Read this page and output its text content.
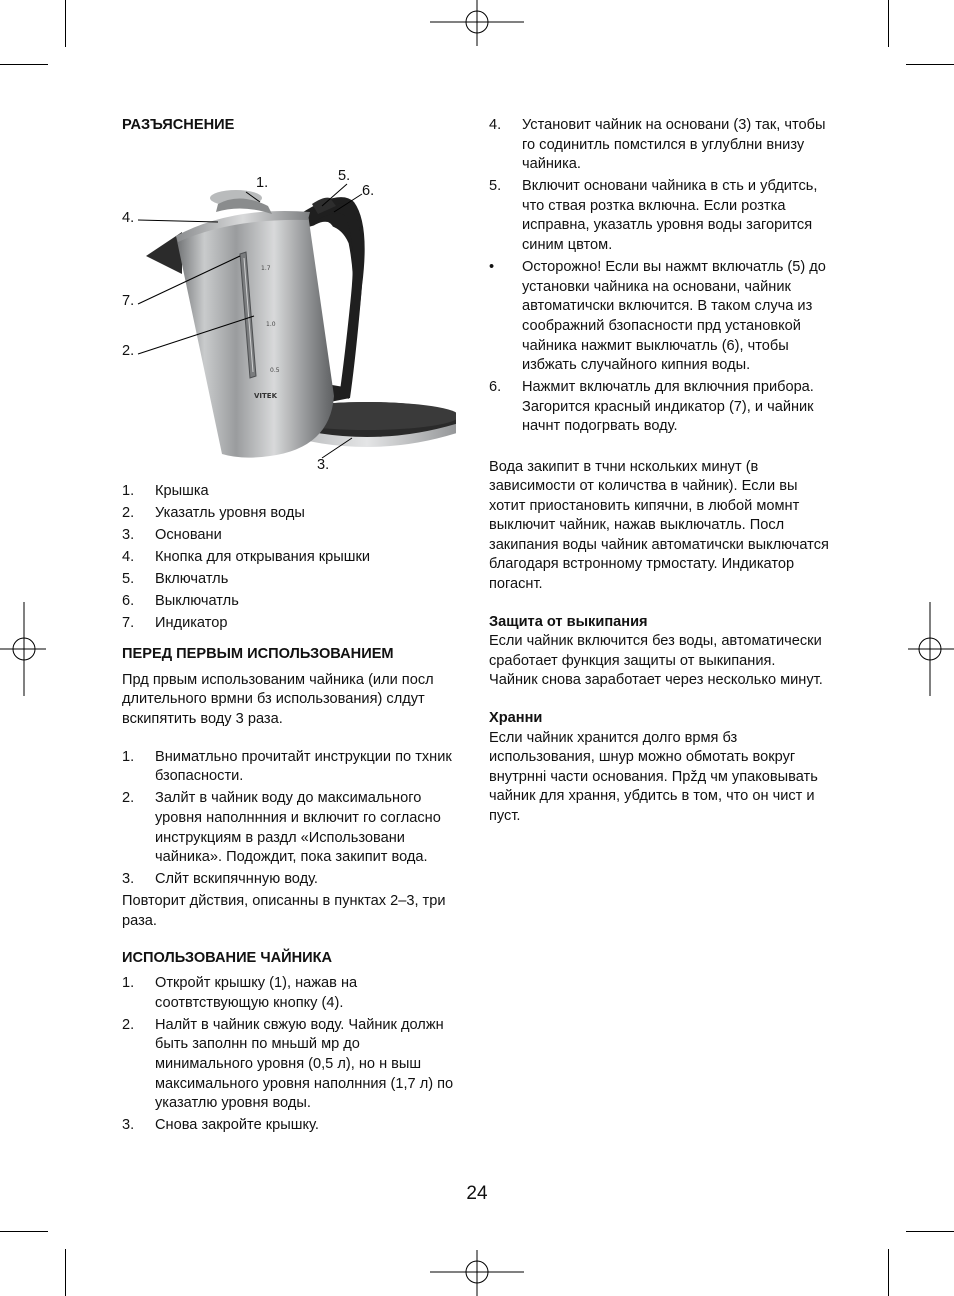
РАЗЪЯСНЕНИЕ
1.7
1.0
0.5
VITEK
1.	5.
6.
4.
7.
2.
3.
1. Крышка
2. Указатль уровня воды
3. Основани
4. Кнопка для открывания крышки
5. Включатль
6. Выключатль
7. Индикатор
ПЕРЕД ПЕРВЫМ ИСПОЛЬЗОВАНИЕМ

Прд првым использованим чайника (или посл длительного врмни бз использования) слдут вскипятить воду 3 раза.

1. Вниматльно прочитайт инструкции по тхник бзопасности.
2. Залйт в чайник воду до максимального уровня наполннния и включит го согласно инструкциям в раздл «Использовани чайника». Подождит, пока закипит вода.
3. Слйт вскипячнную воду.

Повторит дйствия, описанны в пунктах 2–3, три раза.

ИСПОЛЬЗОВАНИЕ ЧАЙНИКА
1. Откройт крышку (1), нажав на соотвтствующую кнопку (4).
2. Налйт в чайник свжую воду. Чайник должн быть заполнн по мньшй мр до минимального уровня (0,5 л), но н выш максимального уровня наполнния (1,7 л) по указатлю уровня воды.
3. Снова закройте крышку.
4. Установит чайник на основани (3) так, чтобы го содинитль помстился в углублни внизу чайника.
5. Включит основани чайника в сть и убдитсь, что ствая розтка включна. Если розтка исправна, указатль уровня воды загорится синим цвтом.
• Осторожно! Если вы нажмт включатль (5) до установки чайника на основани, чайник автоматичски включится. В таком случа из соображний бзопасности прд установкой чайника нажмит выключатль (6), чтобы избжать случайного кипния воды.
6. Нажмит включатль для включния прибора. Загорится красный индикатор (7), и чайник начнт подогрвать воду.

Вода закипит в тчни нскольких минут (в зависимости от количства в чайник). Если вы хотит приостановить кипячни, в любой момнт выключит чайник, нажав выключатль. Посл закипания воды чайник автоматичски выключатся благодаря встронному трмостату. Индикатор погаснт.

Защита от выкипания

Если чайник включится без воды, автоматически сработает функция защиты от выкипания.

Чайник снова заработает через несколько минут.

Хранни

Если чайник хранится долго врмя бз использования, шнур можно обмотать вокруг внутрнні части основания. Прžд чм упаковывать чайник для храння, убдитсь в том, что он чист и пуст.

24
